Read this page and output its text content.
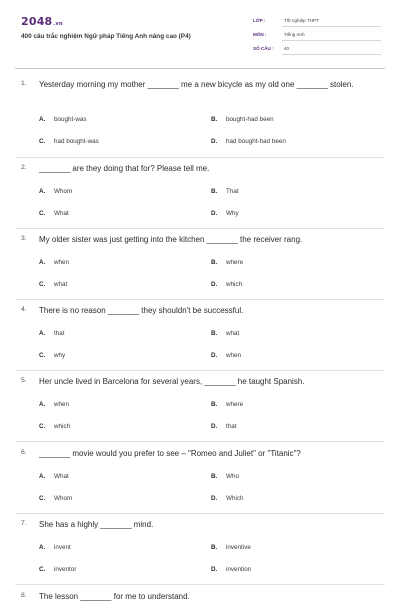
2048.vn
400 câu trắc nghiệm Ngữ pháp Tiếng Anh nâng cao (P4)
LỚP :	Tốt nghiệp THPT
MÔN :	Tiếng Anh
SỐ CÂU : 40
1. Yesterday morning my mother _______ me a new bicycle as my old one _______ stolen.
A. bought-was	B. bought-had been
C. had bought-was	D. had bought-had been
2. _______ are they doing that for? Please tell me.
A. Whom	B. That
C. What	D. Why
3. My older sister was just getting into the kitchen _______ the receiver rang.
A. when	B. where
C. what	D. which
4. There is no reason _______ they shouldn't be successful.
A. that	B. what
C. why	D. when
5. Her uncle lived in Barcelona for several years, _______ he taught Spanish.
A. when	B. where
C. which	D. that
6. _______ movie would you prefer to see – "Romeo and Juliet" or "Titanic"?
A. What	B. Who
C. Whom	D. Which
7. She has a highly _______ mind.
A. invent	B. inventive
C. inventor	D. invention
8. The lesson _______ for me to understand.
